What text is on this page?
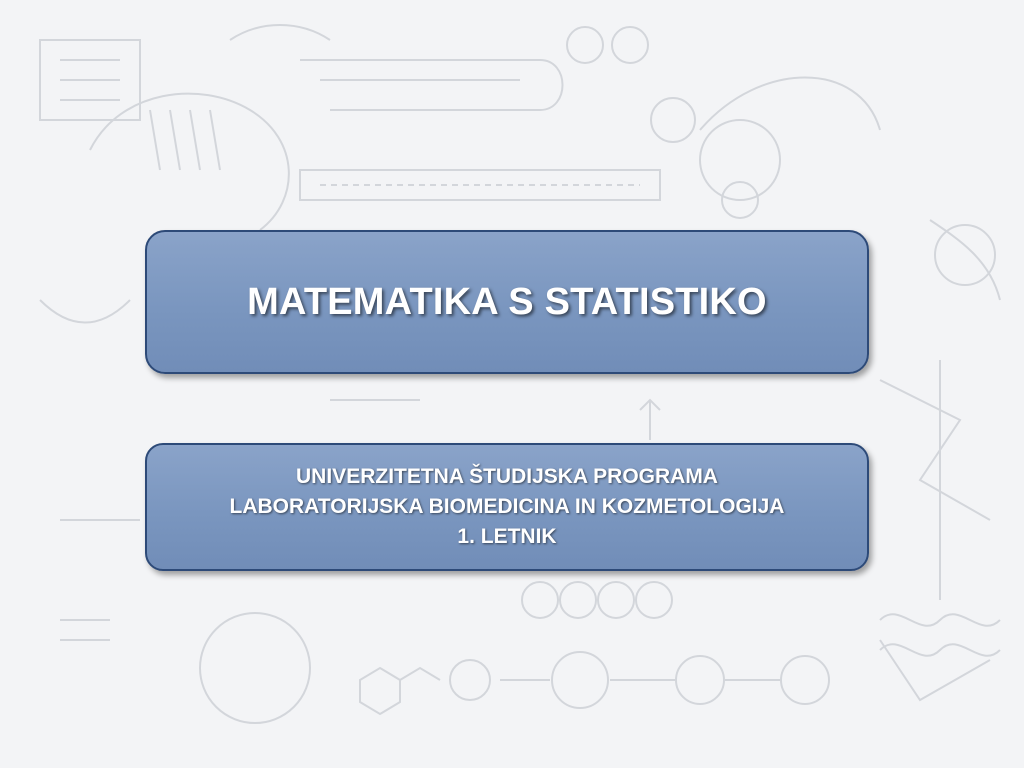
MATEMATIKA S STATISTIKO
UNIVERZITETNA ŠTUDIJSKA PROGRAMA
LABORATORIJSKA BIOMEDICINA IN KOZMETOLOGIJA
1. LETNIK
